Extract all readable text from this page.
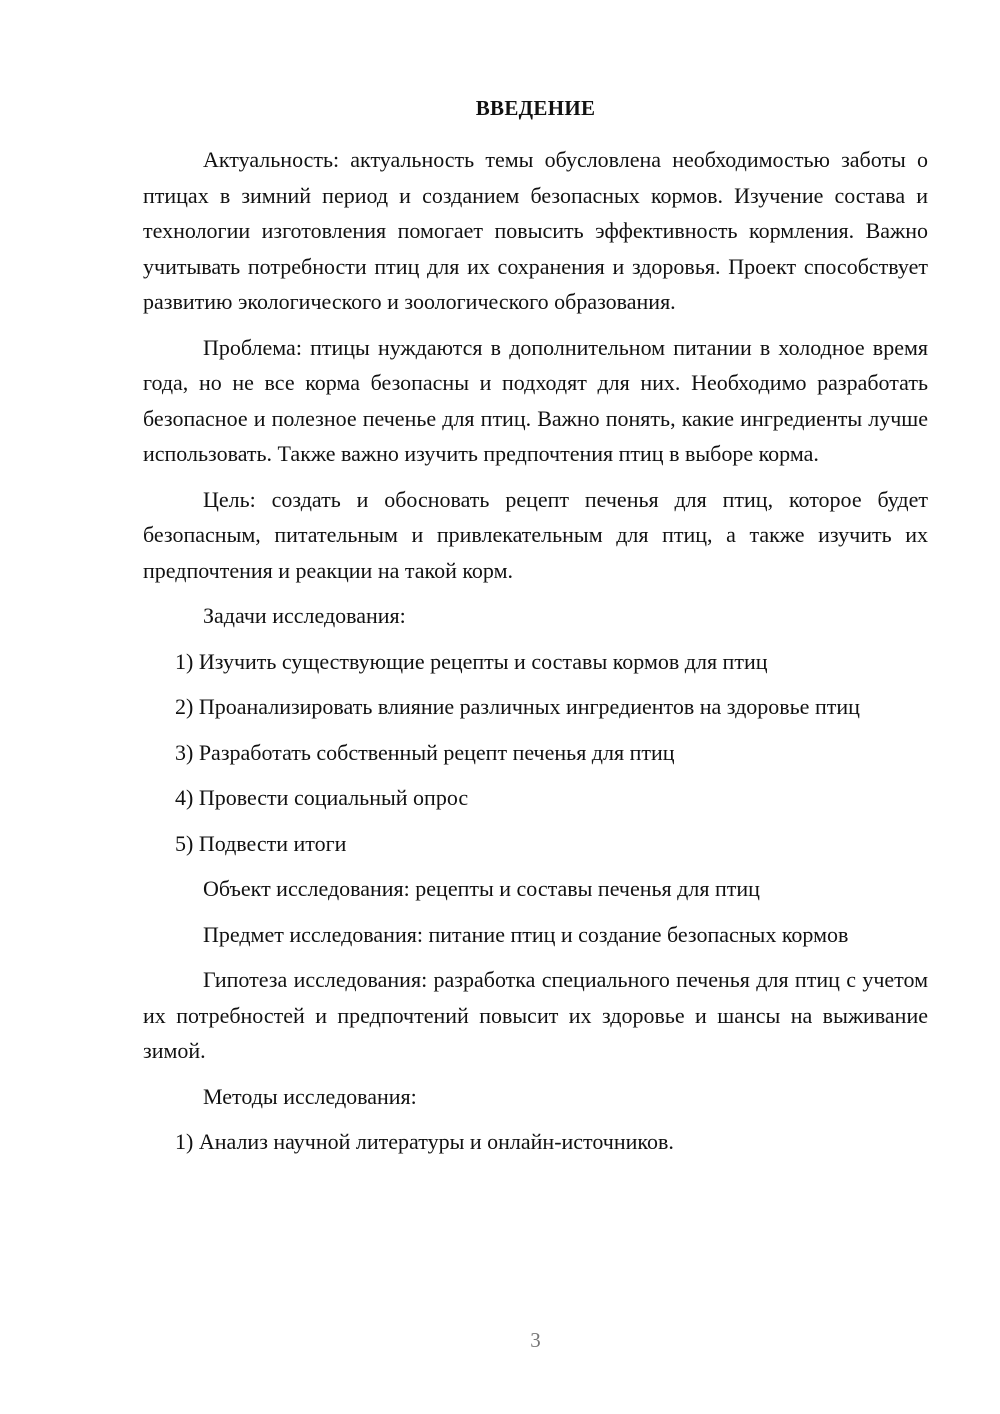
ВВЕДЕНИЕ

Актуальность: актуальность темы обусловлена необходимостью заботы о птицах в зимний период и созданием безопасных кормов. Изучение состава и технологии изготовления помогает повысить эффективность кормления. Важно учитывать потребности птиц для их сохранения и здоровья. Проект способствует развитию экологического и зоологического образования.

Проблема: птицы нуждаются в дополнительном питании в холодное время года, но не все корма безопасны и подходят для них. Необходимо разработать безопасное и полезное печенье для птиц. Важно понять, какие ингредиенты лучше использовать. Также важно изучить предпочтения птиц в выборе корма.

Цель: создать и обосновать рецепт печенья для птиц, которое будет безопасным, питательным и привлекательным для птиц, а также изучить их предпочтения и реакции на такой корм.

Задачи исследования:

1) Изучить существующие рецепты и составы кормов для птиц

2) Проанализировать влияние различных ингредиентов на здоровье птиц

3) Разработать собственный рецепт печенья для птиц

4) Провести социальный опрос

5) Подвести итоги

Объект исследования: рецепты и составы печенья для птиц

Предмет исследования: питание птиц и создание безопасных кормов

Гипотеза исследования: разработка специального печенья для птиц с учетом их потребностей и предпочтений повысит их здоровье и шансы на выживание зимой.

Методы исследования:

1) Анализ научной литературы и онлайн-источников.

3
